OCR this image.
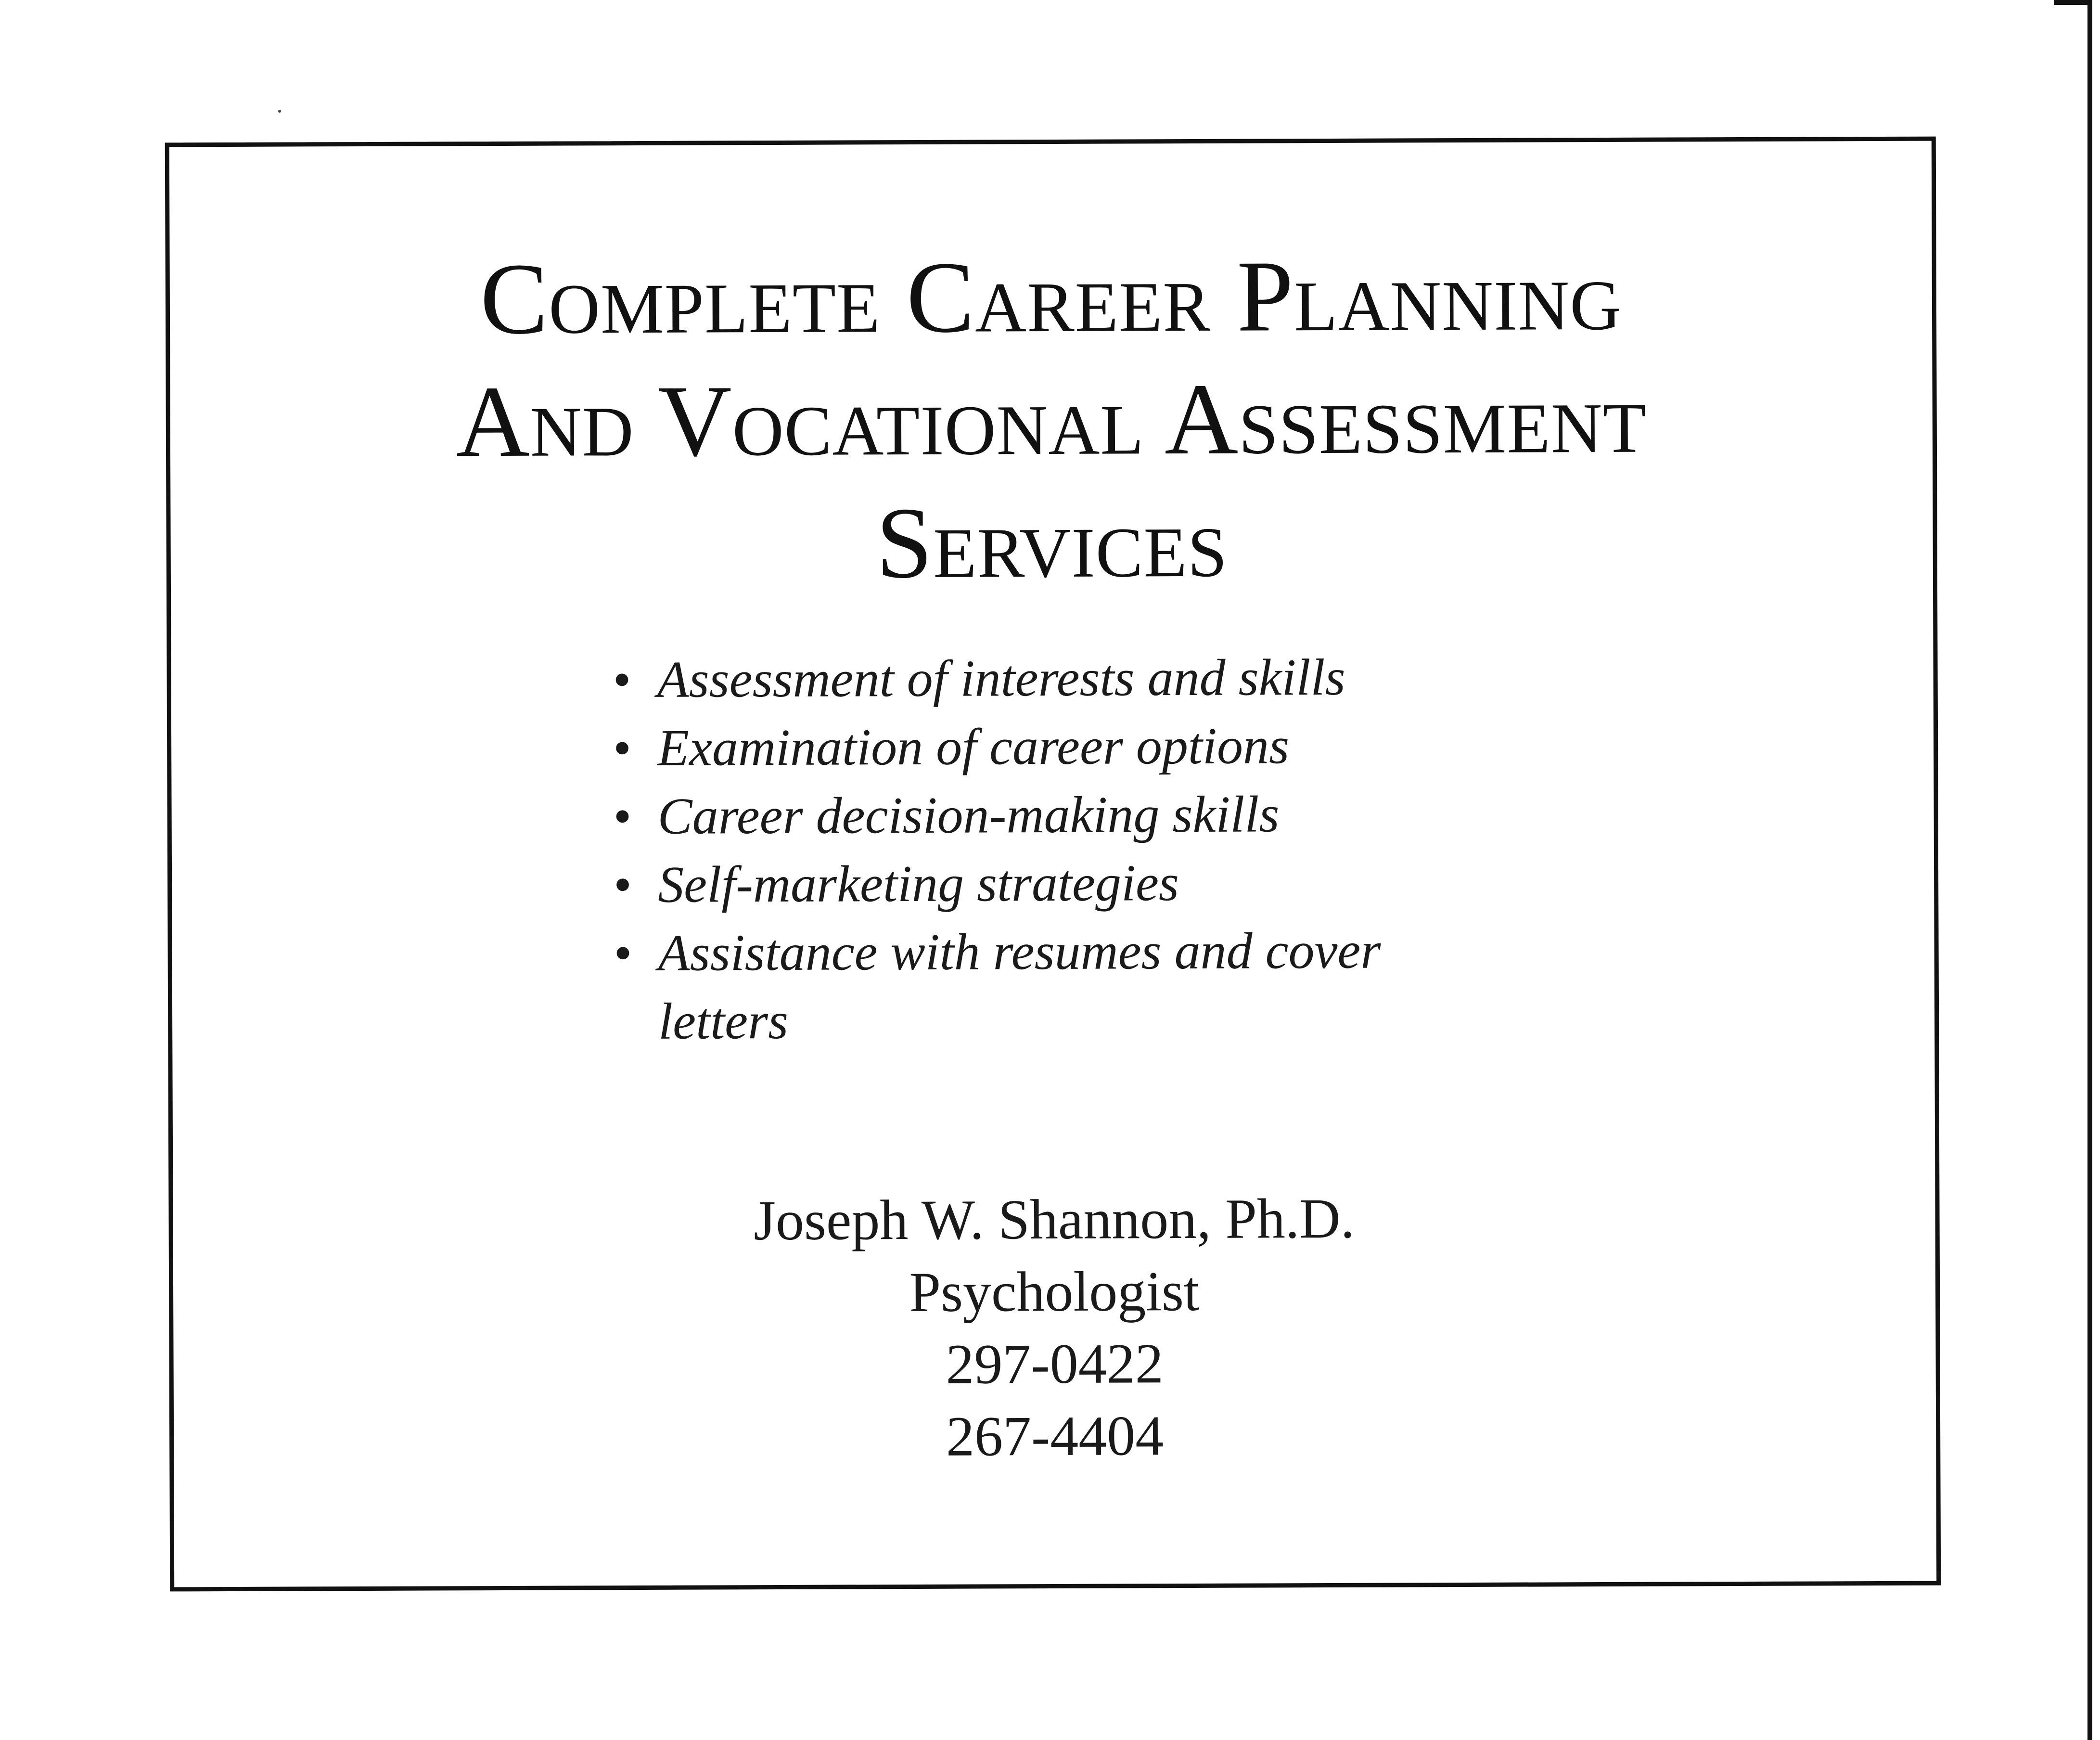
Complete Career Planning
And Vocational Assessment
Services
• Assessment of interests and skills
• Examination of career options
• Career decision-making skills
• Self-marketing strategies
• Assistance with resumes and cover letters
Joseph W. Shannon, Ph.D.
Psychologist
297-0422
267-4404
